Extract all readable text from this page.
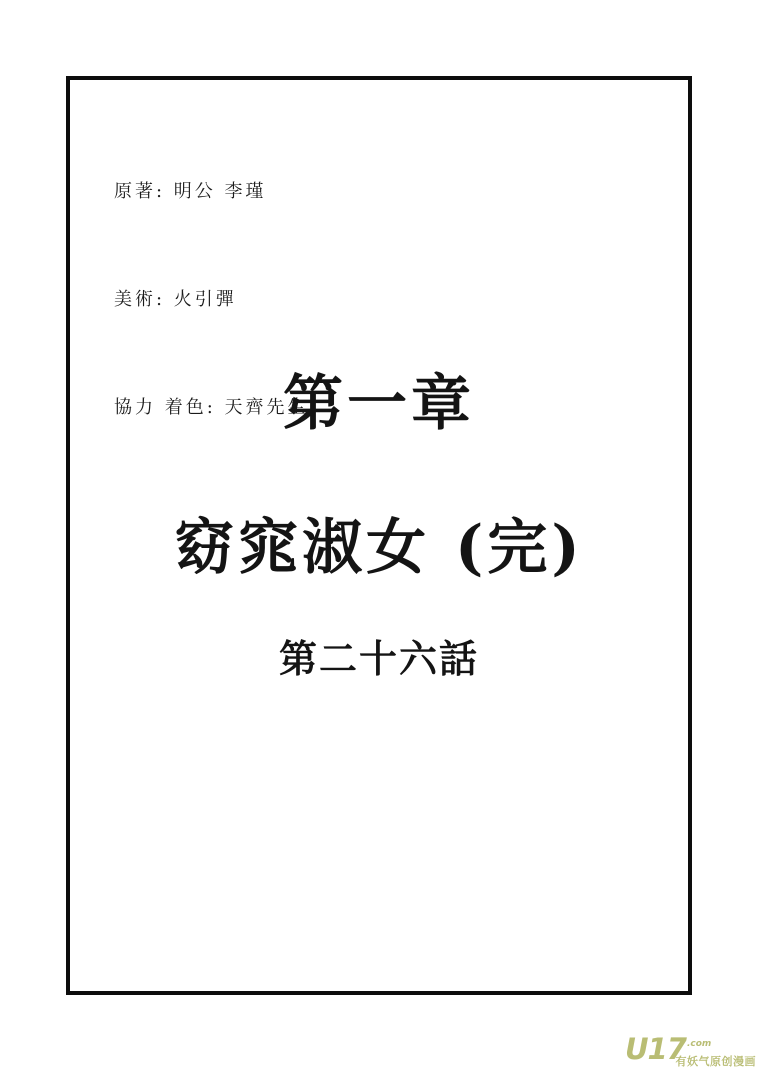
原著: 明公 李瑾

美術: 火引彈

協力 着色: 天齊先生

第一章
窈窕淑女 (完)
第二十六話
U17 .com
有妖气原创漫画
